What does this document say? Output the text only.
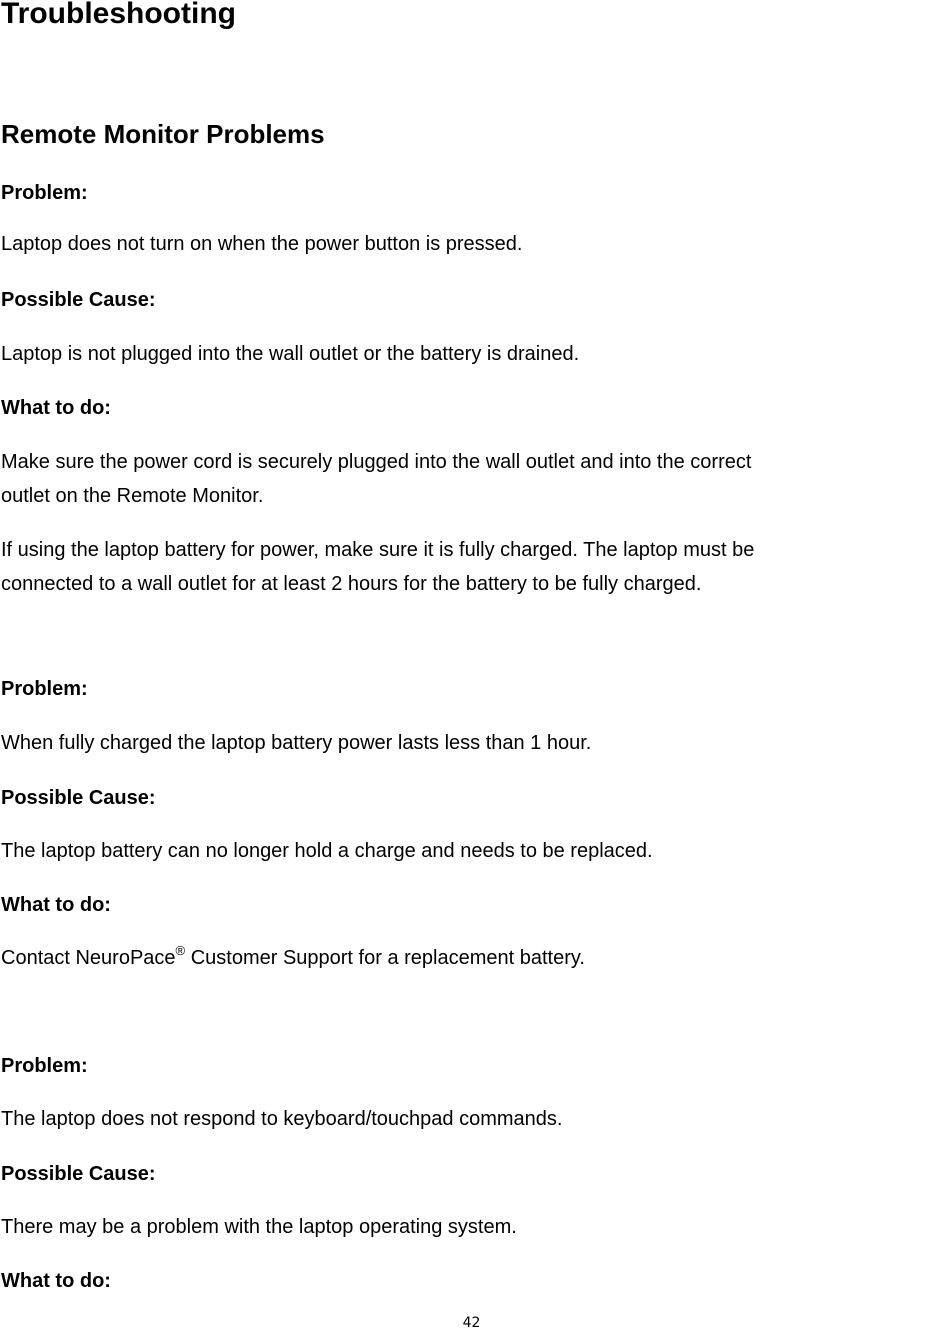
Troubleshooting
Remote Monitor Problems

Problem:

Laptop does not turn on when the power button is pressed.

Possible Cause:

Laptop is not plugged into the wall outlet or the battery is drained.

What to do:

Make sure the power cord is securely plugged into the wall outlet and into the correct
outlet on the Remote Monitor.

If using the laptop battery for power, make sure it is fully charged. The laptop must be
connected to a wall outlet for at least 2 hours for the battery to be fully charged.

Problem:

When fully charged the laptop battery power lasts less than 1 hour.

Possible Cause:

The laptop battery can no longer hold a charge and needs to be replaced.

What to do:

Contact NeuroPace® Customer Support for a replacement battery.

Problem:

The laptop does not respond to keyboard/touchpad commands.

Possible Cause:

There may be a problem with the laptop operating system.

What to do:

42
